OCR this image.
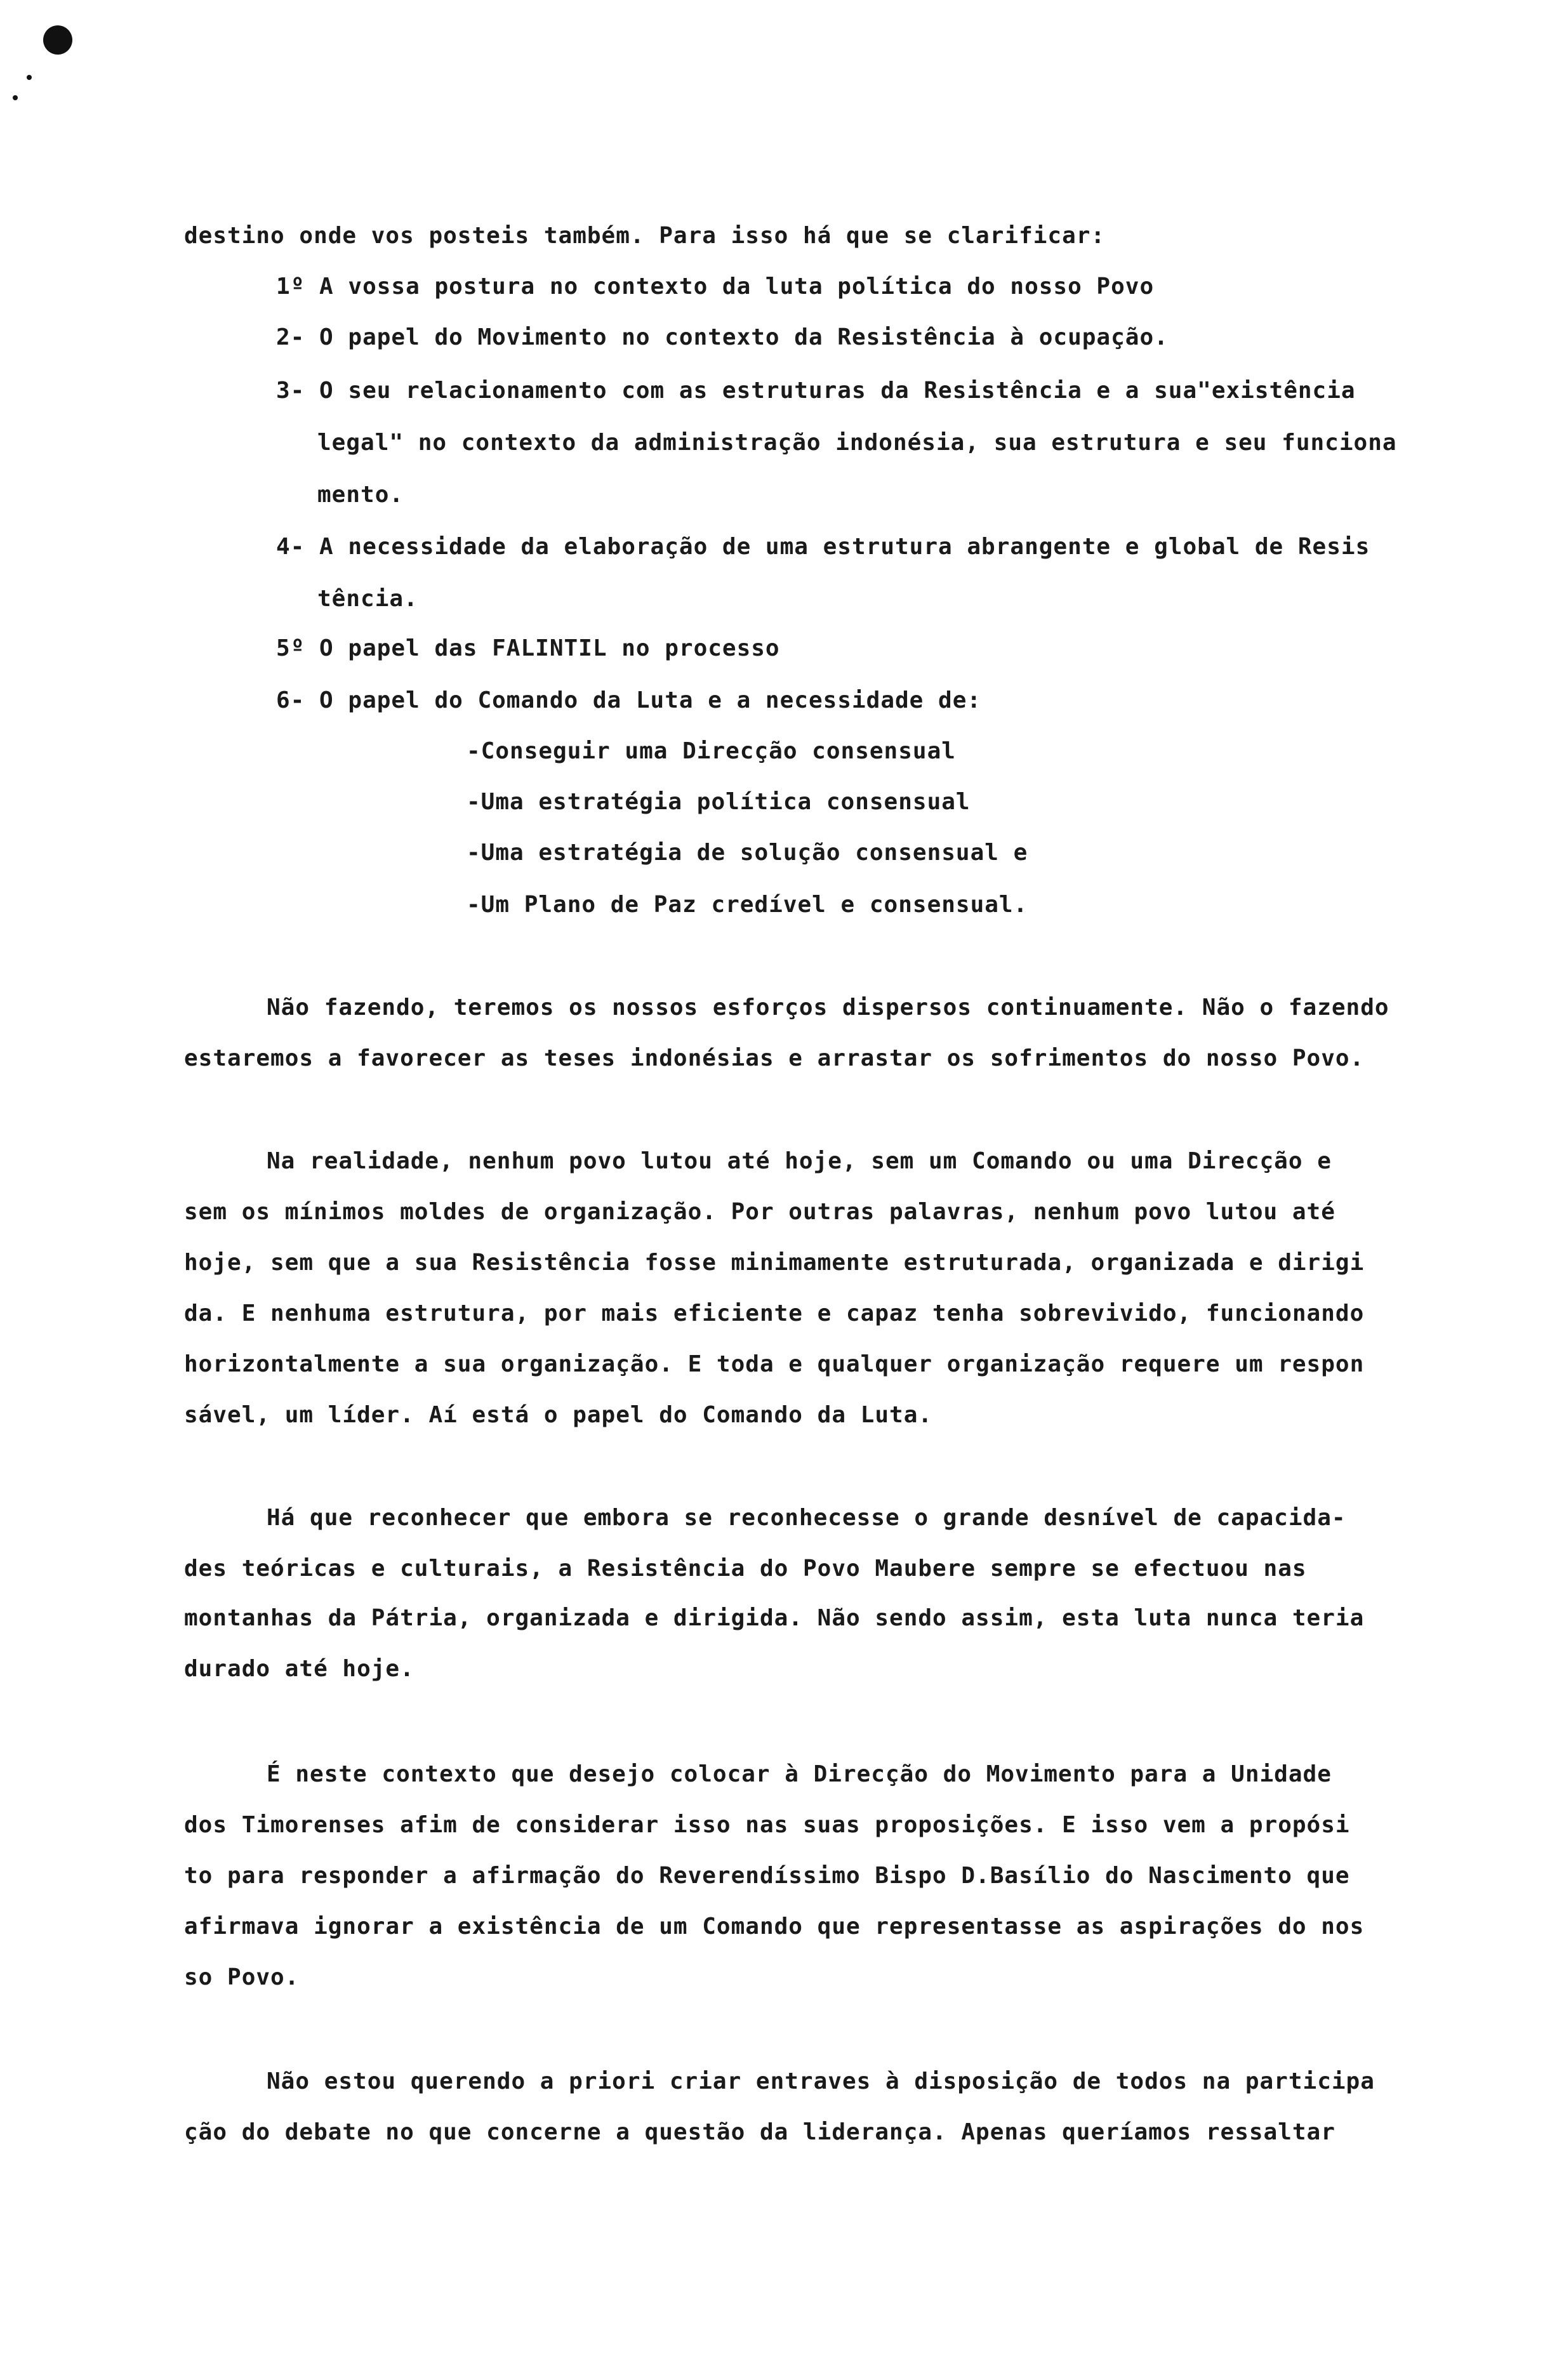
destino onde vos posteis também. Para isso há que se clarificar:
1º A vossa postura no contexto da luta política do nosso Povo
2- O papel do Movimento no contexto da Resistência à ocupação.
3- O seu relacionamento com as estruturas da Resistência e a sua"existência
legal" no contexto da administração indonésia, sua estrutura e seu funciona
mento.
4- A necessidade da elaboração de uma estrutura abrangente e global de Resis
tência.
5º O papel das FALINTIL no processo
6- O papel do Comando da Luta e a necessidade de:
-Conseguir uma Direcção consensual
-Uma estratégia política consensual
-Uma estratégia de solução consensual e
-Um Plano de Paz credível e consensual.
Não fazendo, teremos os nossos esforços dispersos continuamente. Não o fazendo
estaremos a favorecer as teses indonésias e arrastar os sofrimentos do nosso Povo.
Na realidade, nenhum povo lutou até hoje, sem um Comando ou uma Direcção e
sem os mínimos moldes de organização. Por outras palavras, nenhum povo lutou até
hoje, sem que a sua Resistência fosse minimamente estruturada, organizada e dirigi
da. E nenhuma estrutura, por mais eficiente e capaz tenha sobrevivido, funcionando
horizontalmente a sua organização. E toda e qualquer organização requere um respon
sável, um líder. Aí está o papel do Comando da Luta.
Há que reconhecer que embora se reconhecesse o grande desnível de capacida-
des teóricas e culturais, a Resistência do Povo Maubere sempre se efectuou nas
montanhas da Pátria, organizada e dirigida. Não sendo assim, esta luta nunca teria
durado até hoje.
É neste contexto que desejo colocar à Direcção do Movimento para a Unidade
dos Timorenses afim de considerar isso nas suas proposições. E isso vem a propósi
to para responder a afirmação do Reverendíssimo Bispo D.Basílio do Nascimento que
afirmava ignorar a existência de um Comando que representasse as aspirações do nos
so Povo.
Não estou querendo a priori criar entraves à disposição de todos na participa
ção do debate no que concerne a questão da liderança. Apenas queríamos ressaltar
